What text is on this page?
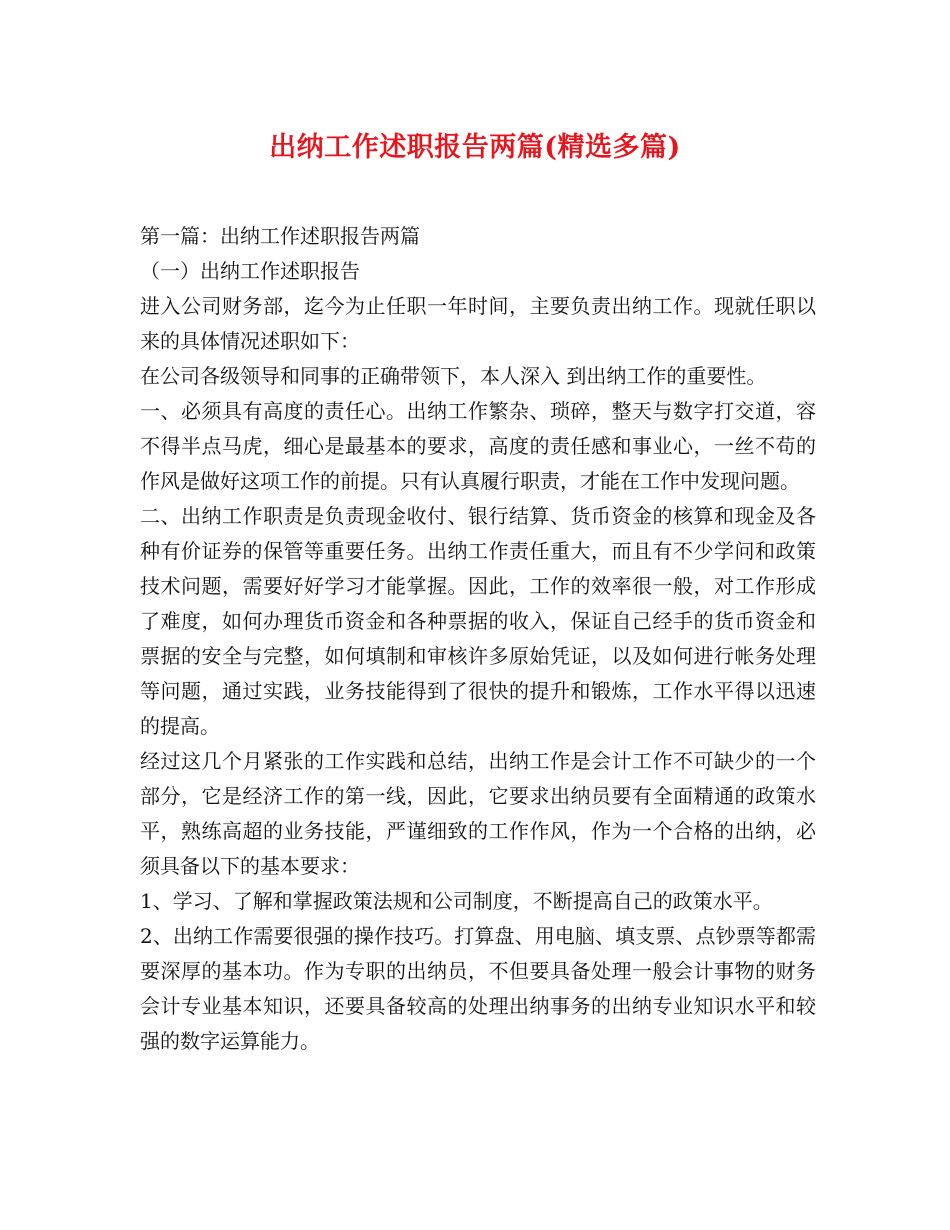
出纳工作述职报告两篇(精选多篇)

第一篇：出纳工作述职报告两篇

（一）出纳工作述职报告

进入公司财务部，迄今为止任职一年时间，主要负责出纳工作。现就任职以来的具体情况述职如下：

在公司各级领导和同事的正确带领下，本人深入 到出纳工作的重要性。

一、必须具有高度的责任心。出纳工作繁杂、琐碎，整天与数字打交道，容不得半点马虎，细心是最基本的要求，高度的责任感和事业心，一丝不苟的作风是做好这项工作的前提。只有认真履行职责，才能在工作中发现问题。

二、出纳工作职责是负责现金收付、银行结算、货币资金的核算和现金及各种有价证券的保管等重要任务。出纳工作责任重大，而且有不少学问和政策技术问题，需要好好学习才能掌握。因此，工作的效率很一般，对工作形成了难度，如何办理货币资金和各种票据的收入，保证自己经手的货币资金和票据的安全与完整，如何填制和审核许多原始凭证，以及如何进行帐务处理等问题，通过实践，业务技能得到了很快的提升和锻炼，工作水平得以迅速的提高。

经过这几个月紧张的工作实践和总结，出纳工作是会计工作不可缺少的一个部分，它是经济工作的第一线，因此，它要求出纳员要有全面精通的政策水平，熟练高超的业务技能，严谨细致的工作作风，作为一个合格的出纳，必须具备以下的基本要求：

1、学习、了解和掌握政策法规和公司制度，不断提高自己的政策水平。

2、出纳工作需要很强的操作技巧。打算盘、用电脑、填支票、点钞票等都需要深厚的基本功。作为专职的出纳员，不但要具备处理一般会计事物的财务会计专业基本知识，还要具备较高的处理出纳事务的出纳专业知识水平和较强的数字运算能力。
